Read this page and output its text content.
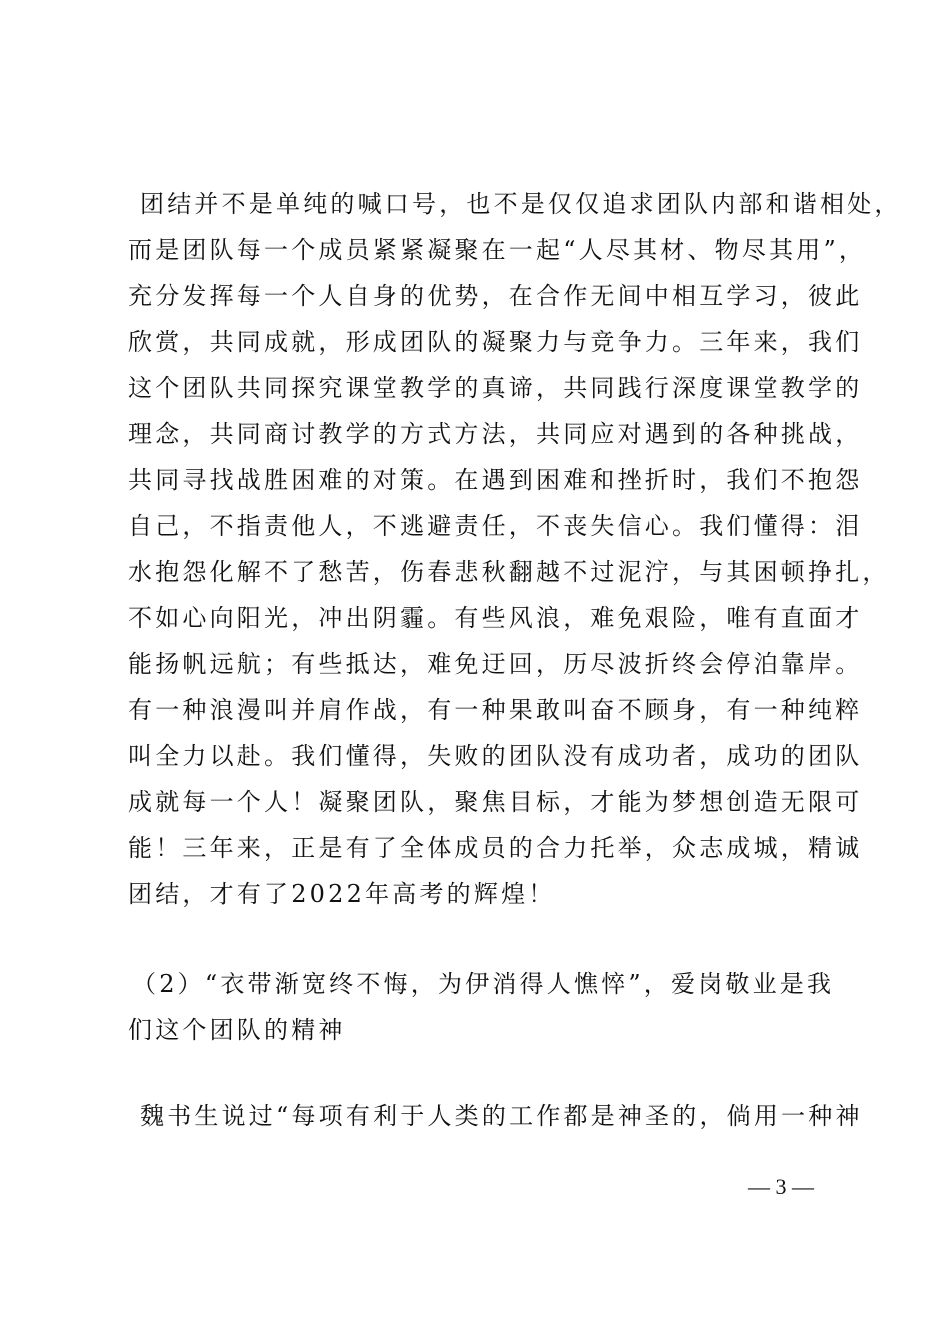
团结并不是单纯的喊口号，也不是仅仅追求团队内部和谐相处，
而是团队每一个成员紧紧凝聚在一起“人尽其材、物尽其用”，
充分发挥每一个人自身的优势，在合作无间中相互学习，彼此
欣赏，共同成就，形成团队的凝聚力与竞争力。三年来，我们
这个团队共同探究课堂教学的真谛，共同践行深度课堂教学的
理念，共同商讨教学的方式方法，共同应对遇到的各种挑战，
共同寻找战胜困难的对策。在遇到困难和挫折时，我们不抱怨
自己，不指责他人，不逃避责任，不丧失信心。我们懂得：泪
水抱怨化解不了愁苦，伤春悲秋翻越不过泥泞，与其困顿挣扎，
不如心向阳光，冲出阴霾。有些风浪，难免艰险，唯有直面才
能扬帆远航；有些抵达，难免迂回，历尽波折终会停泊靠岸。
有一种浪漫叫并肩作战，有一种果敢叫奋不顾身，有一种纯粹
叫全力以赴。我们懂得，失败的团队没有成功者，成功的团队
成就每一个人！凝聚团队，聚焦目标，才能为梦想创造无限可
能！三年来，正是有了全体成员的合力托举，众志成城，精诚
团结，才有了2022年高考的辉煌！
（2）“衣带渐宽终不悔，为伊消得人憔悴”，爱岗敬业是我
们这个团队的精神
魏书生说过“每项有利于人类的工作都是神圣的，倘用一种神
— 3 —
